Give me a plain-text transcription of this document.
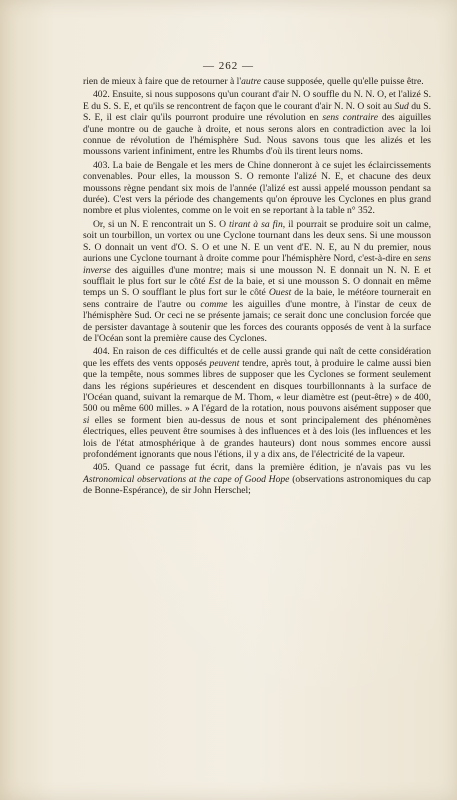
— 262 —

rien de mieux à faire que de retourner à l'autre cause supposée, quelle qu'elle puisse être.

402. Ensuite, si nous supposons qu'un courant d'air N. O souffle du N. N. O, et l'alizé S. E du S. S. E, et qu'ils se rencontrent de façon que le courant d'air N. N. O soit au Sud du S. S. E, il est clair qu'ils pourront produire une révolution en sens contraire des aiguilles d'une montre ou de gauche à droite, et nous serons alors en contradiction avec la loi connue de révolution de l'hémisphère Sud. Nous savons tous que les alizés et les moussons varient infiniment, entre les Rhumbs d'où ils tirent leurs noms.

403. La baie de Bengale et les mers de Chine donneront à ce sujet les éclaircissements convenables. Pour elles, la mousson S. O remonte l'alizé N. E, et chacune des deux moussons règne pendant six mois de l'année (l'alizé est aussi appelé mousson pendant sa durée). C'est vers la période des changements qu'on éprouve les Cyclones en plus grand nombre et plus violentes, comme on le voit en se reportant à la table n° 352.

Or, si un N. E rencontrait un S. O tirant à sa fin, il pourrait se produire soit un calme, soit un tourbillon, un vortex ou une Cyclone tournant dans les deux sens. Si une mousson S. O donnait un vent d'O. S. O et une N. E un vent d'E. N. E, au N du premier, nous aurions une Cyclone tournant à droite comme pour l'hémisphère Nord, c'est-à-dire en sens inverse des aiguilles d'une montre; mais si une mousson N. E donnait un N. N. E et soufflait le plus fort sur le côté Est de la baie, et si une mousson S. O donnait en même temps un S. O soufflant le plus fort sur le côté Ouest de la baie, le météore tournerait en sens contraire de l'autre ou comme les aiguilles d'une montre, à l'instar de ceux de l'hémisphère Sud. Or ceci ne se présente jamais; ce serait donc une conclusion forcée que de persister davantage à soutenir que les forces des courants opposés de vent à la surface de l'Océan sont la première cause des Cyclones.

404. En raison de ces difficultés et de celle aussi grande qui naît de cette considération que les effets des vents opposés peuvent tendre, après tout, à produire le calme aussi bien que la tempête, nous sommes libres de supposer que les Cyclones se forment seulement dans les régions supérieures et descendent en disques tourbillonnants à la surface de l'Océan quand, suivant la remarque de M. Thom, « leur diamètre est (peut-être) » de 400, 500 ou même 600 milles. » A l'égard de la rotation, nous pouvons aisément supposer que si elles se forment bien au-dessus de nous et sont principalement des phénomènes électriques, elles peuvent être soumises à des influences et à des lois (les influences et les lois de l'état atmosphérique à de grandes hauteurs) dont nous sommes encore aussi profondément ignorants que nous l'étions, il y a dix ans, de l'électricité de la vapeur.

405. Quand ce passage fut écrit, dans la première édition, je n'avais pas vu les Astronomical observations at the cape of Good Hope (observations astronomiques du cap de Bonne-Espérance), de sir John Herschel;
